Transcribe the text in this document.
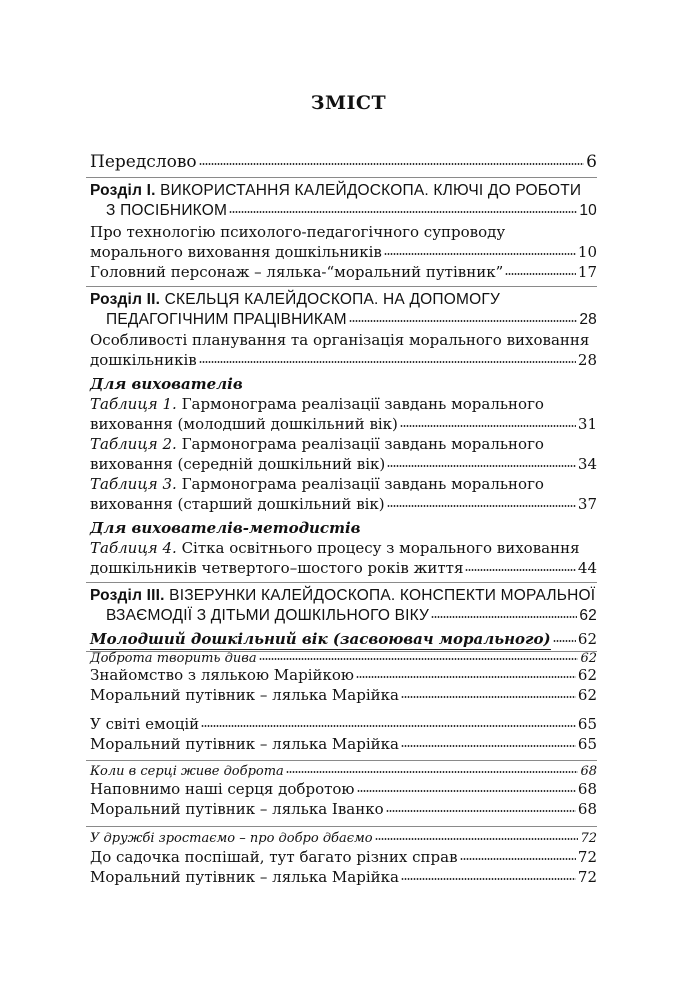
ЗМІСТ
Передслово	6
Розділ І. ВИКОРИСТАННЯ КАЛЕЙДОСКОПА. КЛЮЧІ ДО РОБОТИ
З ПОСІБНИКОМ	10
Про технологію психолого-педагогічного супроводу
морального виховання дошкільників	10
Головний персонаж – лялька-“моральний путівник”	17
Розділ ІІ. СКЕЛЬЦЯ КАЛЕЙДОСКОПА. НА ДОПОМОГУ
ПЕДАГОГІЧНИМ ПРАЦІВНИКАМ	28
Особливості планування та організація морального виховання
дошкільників	28
Для вихователів
Таблиця 1. Гармонограма реалізації завдань морального
виховання (молодший дошкільний вік)	31
Таблиця 2. Гармонограма реалізації завдань морального
виховання (середній дошкільний вік)	34
Таблиця 3. Гармонограма реалізації завдань морального
виховання (старший дошкільний вік)	37
Для вихователів-методистів
Таблиця 4. Сітка освітнього процесу з морального виховання
дошкільників четвертого–шостого років життя	44
Розділ ІІІ. ВІЗЕРУНКИ КАЛЕЙДОСКОПА. КОНСПЕКТИ МОРАЛЬНОЇ
ВЗАЄМОДІЇ З ДІТЬМИ ДОШКІЛЬНОГО ВІКУ	62
Молодший дошкільний вік (засвоювач морального) 62
Доброта творить дива	62
Знайомство з лялькою Марійкою	62
Моральний путівник – лялька Марійка	62
У світі емоцій	65
Моральний путівник – лялька Марійка	65
Коли в серці живе доброта	68
Наповнимо наші серця добротою	68
Моральний путівник – лялька Іванко	68
У дружбі зростаємо – про добро дбаємо	72
До садочка поспішай, тут багато різних справ	72
Моральний путівник – лялька Марійка	72
